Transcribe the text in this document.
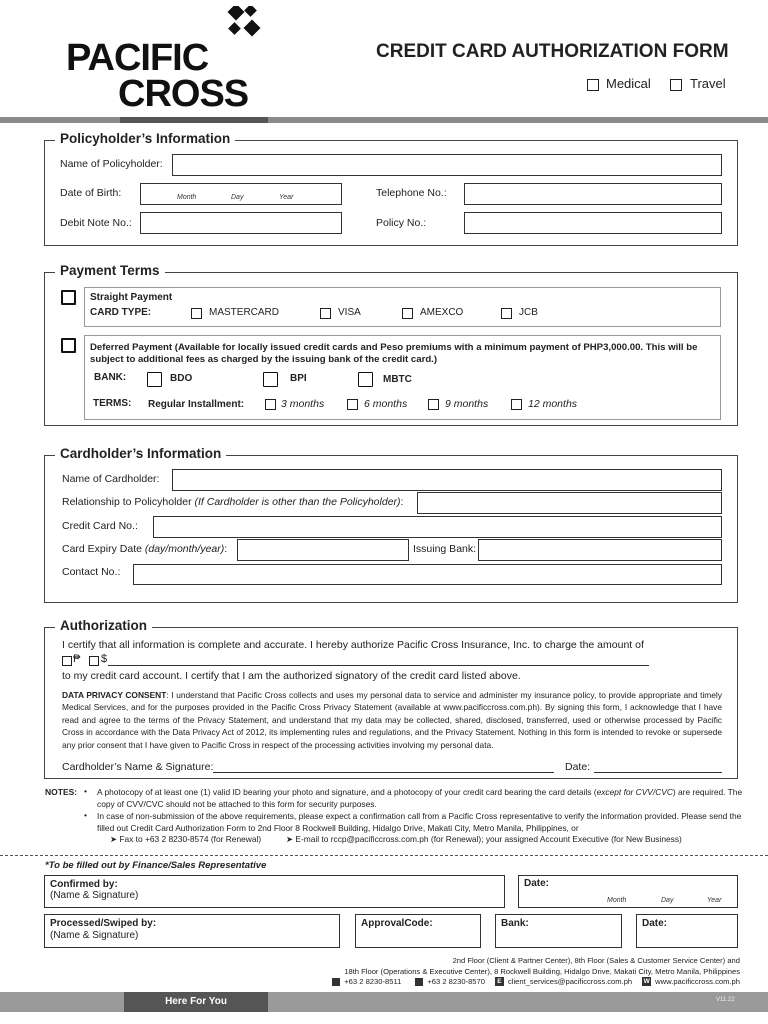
PACIFIC
CROSS
CREDIT CARD AUTHORIZATION FORM
Medical	Travel
Policyholder’s Information
Name of Policyholder:
Date of Birth:	Month	Day	Year	Telephone No.:
Debit Note No.:	Policy No.:
Payment Terms
Straight Payment
CARD TYPE:	MASTERCARD	VISA	AMEXCO	JCB
Deferred Payment (Available for locally issued credit cards and Peso premiums with a minimum payment of PHP3,000.00. This will be subject to additional fees as charged by the issuing bank of the credit card.)
BANK:	BDO	BPI	MBTC
TERMS: Regular Installment:	3 months	6 months	9 months	12 months
Cardholder’s Information
Name of Cardholder:
Relationship to Policyholder (If Cardholder is other than the Policyholder):
Credit Card No.:
Card Expiry Date (day/month/year):	Issuing Bank:
Contact No.:
Authorization
I certify that all information is complete and accurate. I hereby authorize Pacific Cross Insurance, Inc. to charge the amount of
₱ $
to my credit card account. I certify that I am the authorized signatory of the credit card listed above.
DATA PRIVACY CONSENT: I understand that Pacific Cross collects and uses my personal data to service and administer my insurance policy, to provide appropriate and timely Medical Services, and for the purposes provided in the Pacific Cross Privacy Statement (available at www.pacificcross.com.ph). By signing this form, I acknowledge that I have read and agree to the terms of the Privacy Statement, and understand that my data may be collected, shared, disclosed, transferred, used or otherwise processed by Pacific Cross in accordance with the Data Privacy Act of 2012, its implementing rules and regulations, and the Privacy Statement. Nothing in this form is intended to revoke or supersede any prior consent that I have given to Pacific Cross in respect of the processing activities involving my personal data.
Cardholder’s Name & Signature:	Date:
NOTES: • A photocopy of at least one (1) valid ID bearing your photo and signature, and a photocopy of your credit card bearing the card details (except for CVV/CVC) are required. The copy of CVV/CVC should not be attached to this form for security purposes.
• In case of non-submission of the above requirements, please expect a confirmation call from a Pacific Cross representative to verify the information provided. Please send the filled out Credit Card Authorization Form to 2nd Floor 8 Rockwell Building, Hidalgo Drive, Makati City, Metro Manila, Philippines, or
➤ Fax to +63 2 8230-8574 (for Renewal)	➤ E-mail to rccp@pacificcross.com.ph (for Renewal); your assigned Account Executive (for New Business)
*To be filled out by Finance/Sales Representative
Confirmed by:
(Name & Signature)
Date:
Month	Day	Year
Processed/Swiped by:
(Name & Signature)
ApprovalCode:	Bank:	Date:
2nd Floor (Client & Partner Center), 8th Floor (Sales & Customer Service Center) and
18th Floor (Operations & Executive Center), 8 Rockwell Building, Hidalgo Drive, Makati City, Metro Manila, Philippines
+63 2 8230-8511	+63 2 8230-8570	E client_services@pacificcross.com.ph W www.pacificcross.com.ph
Here For You	V11.22
